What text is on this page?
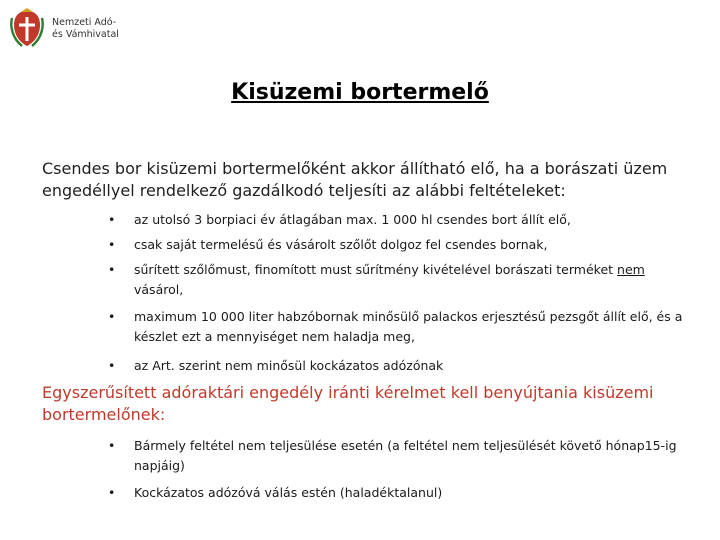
Nemzeti Adó-
és Vámhivatal
Kisüzemi bortermelő
Csendes bor kisüzemi bortermelőként akkor állítható elő, ha a borászati üzem engedéllyel rendelkező gazdálkodó teljesíti az alábbi feltételeket:
• az utolsó 3 borpiaci év átlagában max. 1 000 hl csendes bort állít elő,
• csak saját termelésű és vásárolt szőlőt dolgoz fel csendes bornak,
• sűrített szőlőmust, finomított must sűrítmény kivételével borászati terméket nem vásárol,
• maximum 10 000 liter habzóbornak minősülő palackos erjesztésű pezsgőt állít elő, és a készlet ezt a mennyiséget nem haladja meg,
• az Art. szerint nem minősül kockázatos adózónak
Egyszerűsített adóraktári engedély iránti kérelmet kell benyújtania kisüzemi bortermelőnek:
• Bármely feltétel nem teljesülése esetén (a feltétel nem teljesülését követő hónap15-ig napjáig)
• Kockázatos adózóvá válás estén (haladéktalanul)
